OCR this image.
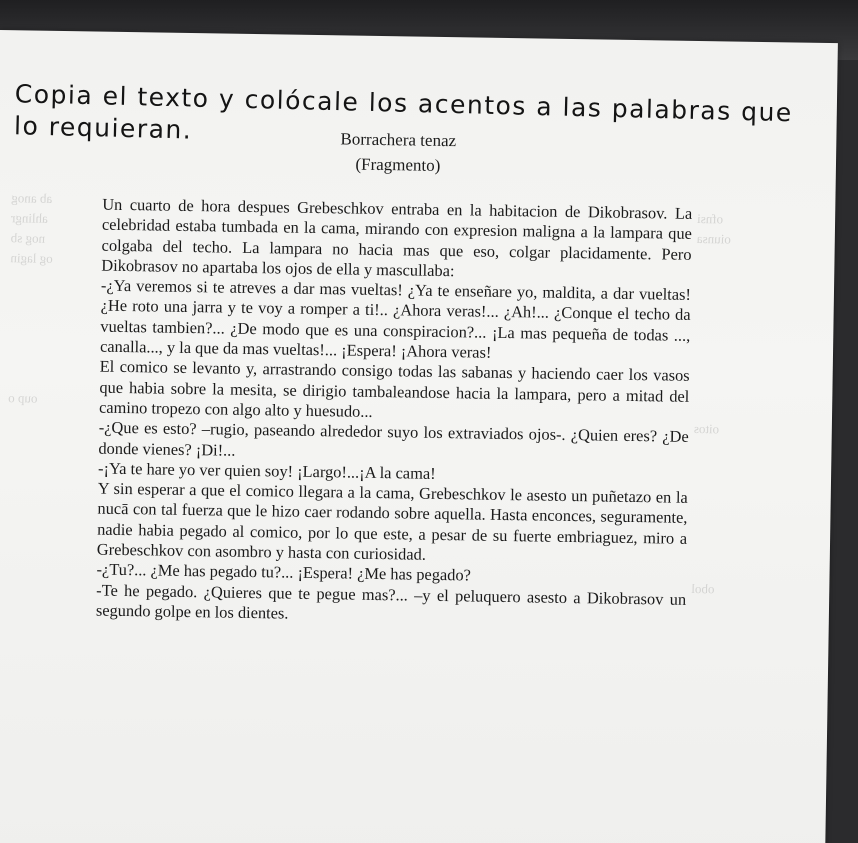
Copia el texto y colócale los acentos a las palabras que lo requieran.	Borrachera tenaz
(Fragmento)

Un cuarto de hora despues Grebeschkov entraba en la habitacion de Dikobrasov. La celebridad estaba tumbada en la cama, mirando con expresion maligna a la lampara que colgaba del techo. La lampara no hacia mas que eso, colgar placidamente. Pero Dikobrasov no apartaba los ojos de ella y mascullaba:

-¿Ya veremos si te atreves a dar mas vueltas! ¿Ya te enseñare yo, maldita, a dar vueltas! ¿He roto una jarra y te voy a romper a ti!.. ¿Ahora veras!... ¿Ah!... ¿Conque el techo da vueltas tambien?... ¿De modo que es una conspiracion?... ¡La mas pequeña de todas ..., canalla..., y la que da mas vueltas!... ¡Espera! ¡Ahora veras!

El comico se levanto y, arrastrando consigo todas las sabanas y haciendo caer los vasos que habia sobre la mesita, se dirigio tambaleandose hacia la lampara, pero a mitad del camino tropezo con algo alto y huesudo...

-¿Que es esto? –rugio, paseando alrededor suyo los extraviados ojos-. ¿Quien eres? ¿De donde vienes? ¡Di!...

-¡Ya te hare yo ver quien soy! ¡Largo!...¡A la cama!

Y sin esperar a que el comico llegara a la cama, Grebeschkov le asesto un puñetazo en la nucā con tal fuerza que le hizo caer rodando sobre aquella. Hasta enconces, seguramente, nadie habia pegado al comico, por lo que este, a pesar de su fuerte embriaguez, miro a Grebeschkov con asombro y hasta con curiosidad.

-¿Tu?... ¿Me has pegado tu?... ¡Espera! ¿Me has pegado?

-Te he pegado. ¿Quieres que te pegue mas?... –y el peluquero asesto a Dikobrasov un segundo golpe en los dientes.

ab anog
ahlingr
nog sb
og lagin
oup o
ofnsi
oiunsa
oitos
obol
